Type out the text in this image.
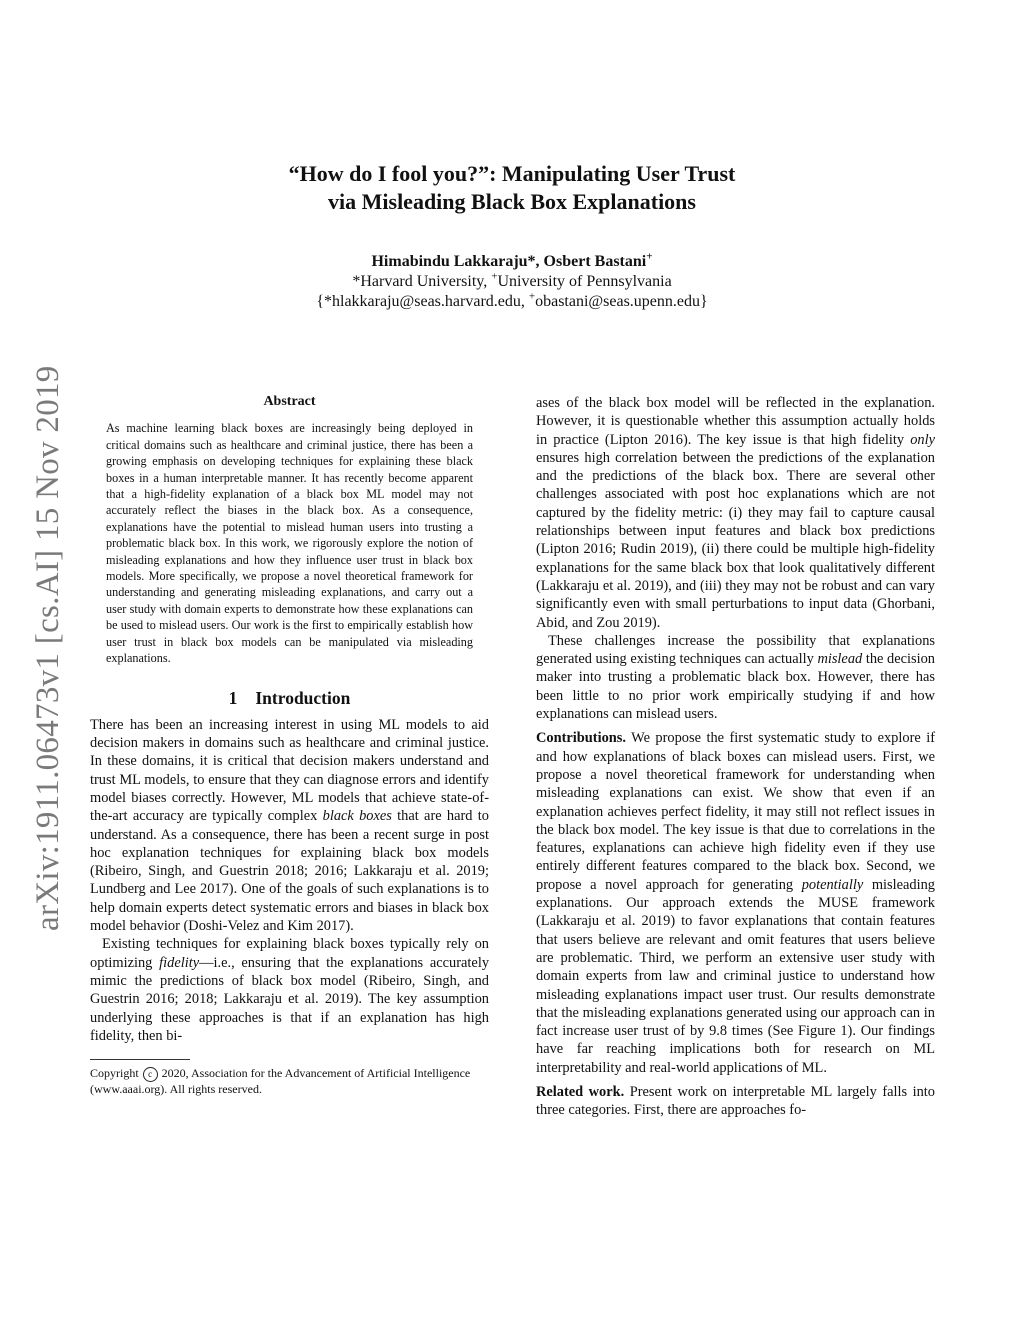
arXiv:1911.06473v1 [cs.AI] 15 Nov 2019
“How do I fool you?”: Manipulating User Trust
via Misleading Black Box Explanations
Himabindu Lakkaraju*, Osbert Bastani+
*Harvard University, +University of Pennsylvania
{*hlakkaraju@seas.harvard.edu, +obastani@seas.upenn.edu}
Abstract

As machine learning black boxes are increasingly being deployed in critical domains such as healthcare and criminal justice, there has been a growing emphasis on developing techniques for explaining these black boxes in a human interpretable manner. It has recently become apparent that a high-fidelity explanation of a black box ML model may not accurately reflect the biases in the black box. As a consequence, explanations have the potential to mislead human users into trusting a problematic black box. In this work, we rigorously explore the notion of misleading explanations and how they influence user trust in black box models. More specifically, we propose a novel theoretical framework for understanding and generating misleading explanations, and carry out a user study with domain experts to demonstrate how these explanations can be used to mislead users. Our work is the first to empirically establish how user trust in black box models can be manipulated via misleading explanations.

1 Introduction

There has been an increasing interest in using ML models to aid decision makers in domains such as healthcare and criminal justice. In these domains, it is critical that decision makers understand and trust ML models, to ensure that they can diagnose errors and identify model biases correctly. However, ML models that achieve state-of-the-art accuracy are typically complex black boxes that are hard to understand. As a consequence, there has been a recent surge in post hoc explanation techniques for explaining black box models (Ribeiro, Singh, and Guestrin 2018; 2016; Lakkaraju et al. 2019; Lundberg and Lee 2017). One of the goals of such explanations is to help domain experts detect systematic errors and biases in black box model behavior (Doshi-Velez and Kim 2017).

Existing techniques for explaining black boxes typically rely on optimizing fidelity—i.e., ensuring that the explanations accurately mimic the predictions of black box model (Ribeiro, Singh, and Guestrin 2016; 2018; Lakkaraju et al. 2019). The key assumption underlying these approaches is that if an explanation has high fidelity, then bi-

Copyright c 2020, Association for the Advancement of Artificial Intelligence (www.aaai.org). All rights reserved.

ases of the black box model will be reflected in the explanation. However, it is questionable whether this assumption actually holds in practice (Lipton 2016). The key issue is that high fidelity only ensures high correlation between the predictions of the explanation and the predictions of the black box. There are several other challenges associated with post hoc explanations which are not captured by the fidelity metric: (i) they may fail to capture causal relationships between input features and black box predictions (Lipton 2016; Rudin 2019), (ii) there could be multiple high-fidelity explanations for the same black box that look qualitatively different (Lakkaraju et al. 2019), and (iii) they may not be robust and can vary significantly even with small perturbations to input data (Ghorbani, Abid, and Zou 2019).

These challenges increase the possibility that explanations generated using existing techniques can actually mislead the decision maker into trusting a problematic black box. However, there has been little to no prior work empirically studying if and how explanations can mislead users.

Contributions. We propose the first systematic study to explore if and how explanations of black boxes can mislead users. First, we propose a novel theoretical framework for understanding when misleading explanations can exist. We show that even if an explanation achieves perfect fidelity, it may still not reflect issues in the black box model. The key issue is that due to correlations in the features, explanations can achieve high fidelity even if they use entirely different features compared to the black box. Second, we propose a novel approach for generating potentially misleading explanations. Our approach extends the MUSE framework (Lakkaraju et al. 2019) to favor explanations that contain features that users believe are relevant and omit features that users believe are problematic. Third, we perform an extensive user study with domain experts from law and criminal justice to understand how misleading explanations impact user trust. Our results demonstrate that the misleading explanations generated using our approach can in fact increase user trust of by 9.8 times (See Figure 1). Our findings have far reaching implications both for research on ML interpretability and real-world applications of ML.

Related work. Present work on interpretable ML largely falls into three categories. First, there are approaches fo-
